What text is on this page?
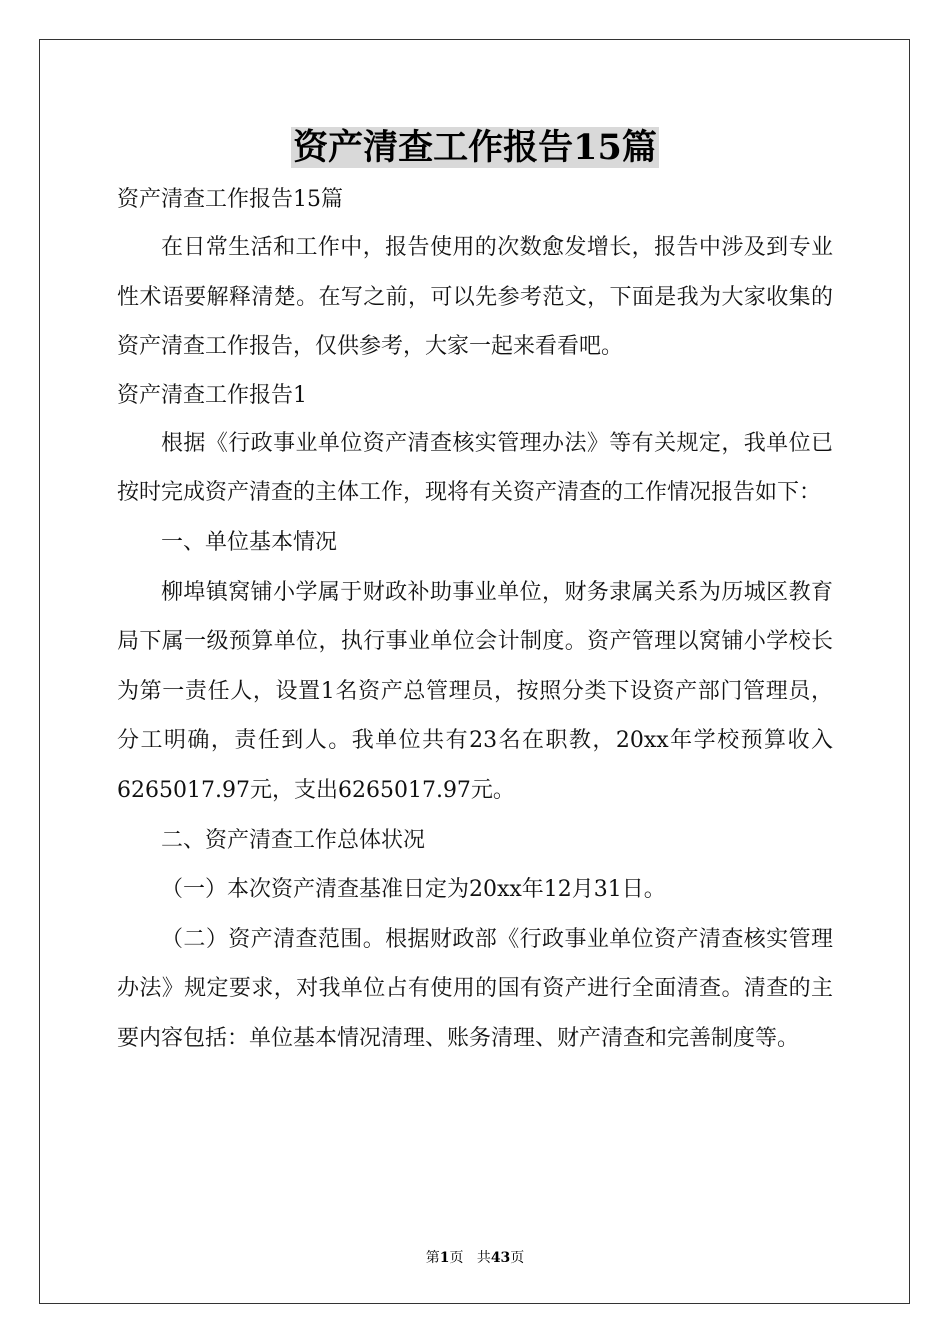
资产清查工作报告15篇

资产清查工作报告15篇

在日常生活和工作中，报告使用的次数愈发增长，报告中涉及到专业性术语要解释清楚。在写之前，可以先参考范文，下面是我为大家收集的资产清查工作报告，仅供参考，大家一起来看看吧。

资产清查工作报告1

根据《行政事业单位资产清查核实管理办法》等有关规定，我单位已按时完成资产清查的主体工作，现将有关资产清查的工作情况报告如下：

一、单位基本情况

柳埠镇窝铺小学属于财政补助事业单位，财务隶属关系为历城区教育局下属一级预算单位，执行事业单位会计制度。资产管理以窝铺小学校长为第一责任人，设置1名资产总管理员，按照分类下设资产部门管理员，分工明确，责任到人。我单位共有23名在职教，20xx年学校预算收入6265017.97元，支出6265017.97元。

二、资产清查工作总体状况

（一）本次资产清查基准日定为20xx年12月31日。

（二）资产清查范围。根据财政部《行政事业单位资产清查核实管理办法》规定要求，对我单位占有使用的国有资产进行全面清查。清查的主要内容包括：单位基本情况清理、账务清理、财产清查和完善制度等。

第1页 共43页
